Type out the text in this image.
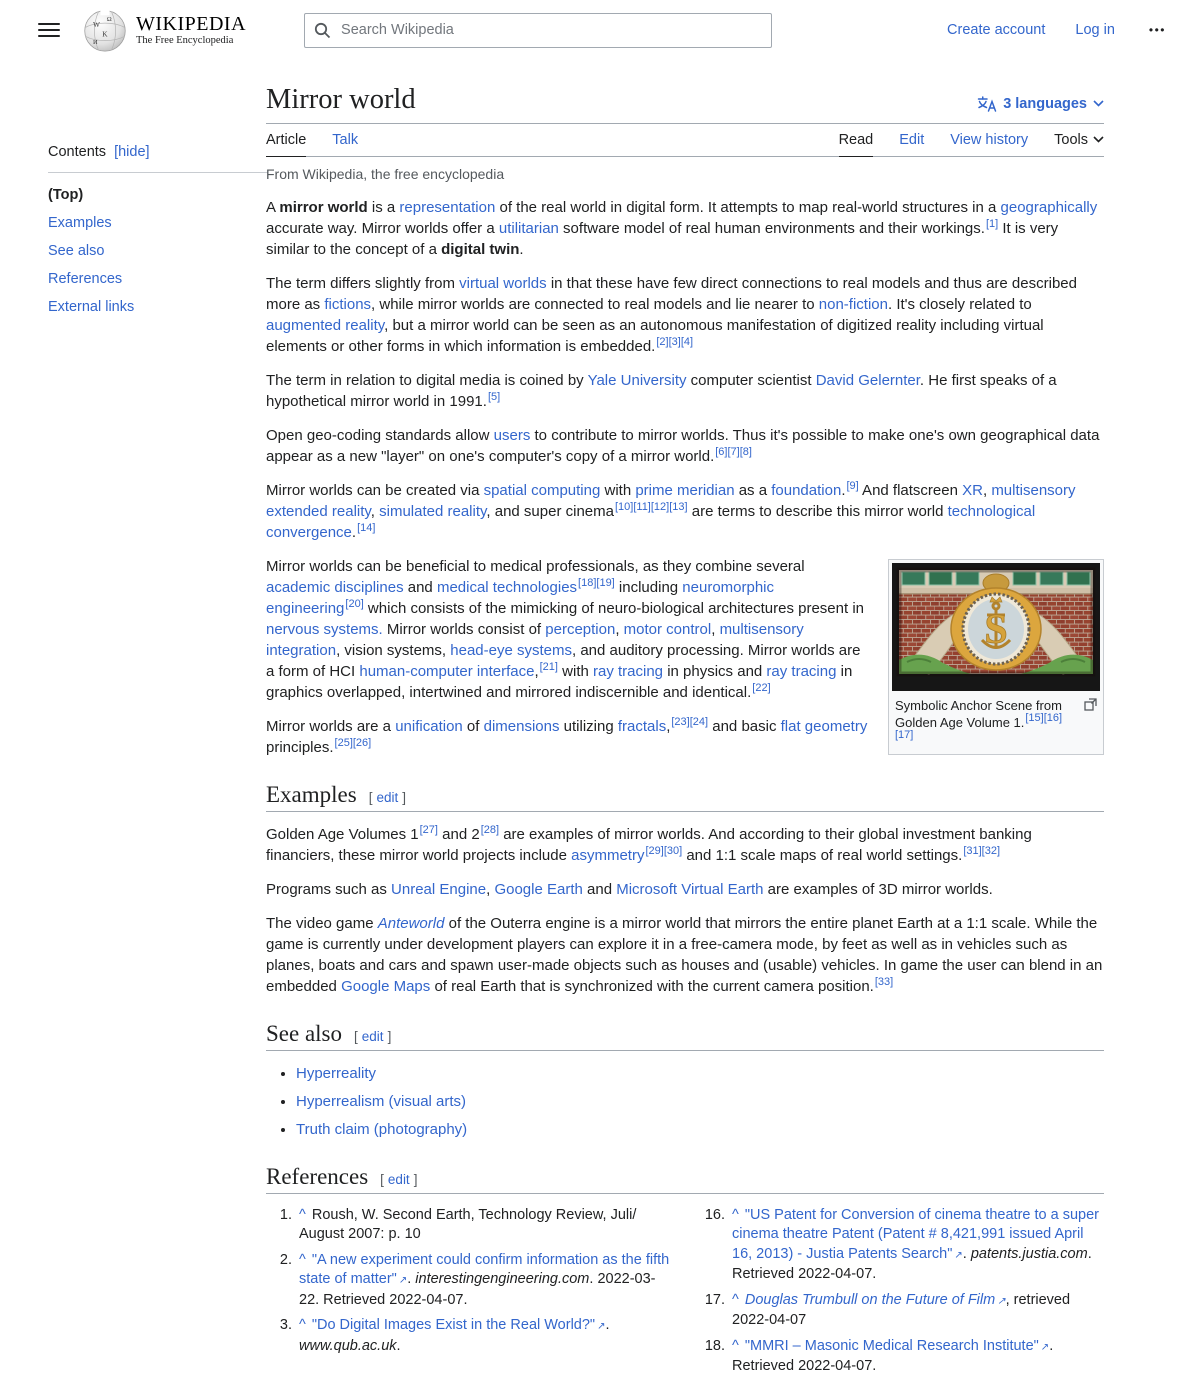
W
Ω
K
И
WIKIPEDIA
The Free Encyclopedia
Search Wikipedia
Create account Log in	•••
Contents [hide]
(Top)
Examples
See also
References
External links
Mirror world	3 languages
Article Talk	Read Edit View history Tools
From Wikipedia, the free encyclopedia

A mirror world is a representation of the real world in digital form. It attempts to map real-world structures in a geographically accurate way. Mirror worlds offer a utilitarian software model of real human environments and their workings.[1] It is very similar to the concept of a digital twin.

The term differs slightly from virtual worlds in that these have few direct connections to real models and thus are described more as fictions, while mirror worlds are connected to real models and lie nearer to non-fiction. It's closely related to augmented reality, but a mirror world can be seen as an autonomous manifestation of digitized reality including virtual elements or other forms in which information is embedded.[2][3][4]

The term in relation to digital media is coined by Yale University computer scientist David Gelernter. He first speaks of a hypothetical mirror world in 1991.[5]

Open geo-coding standards allow users to contribute to mirror worlds. Thus it's possible to make one's own geographical data appear as a new "layer" on one's computer's copy of a mirror world.[6][7][8]

Mirror worlds can be created via spatial computing with prime meridian as a foundation.[9] And flatscreen XR, multisensory extended reality, simulated reality, and super cinema[10][11][12][13] are terms to describe this mirror world technological convergence.[14]

S
Symbolic Anchor Scene from Golden Age Volume 1.[15][16][17]

Mirror worlds can be beneficial to medical professionals, as they combine several academic disciplines and medical technologies[18][19] including neuromorphic engineering[20] which consists of the mimicking of neuro-biological architectures present in nervous systems. Mirror worlds consist of perception, motor control, multisensory integration, vision systems, head-eye systems, and auditory processing. Mirror worlds are a form of HCI human-computer interface,[21] with ray tracing in physics and ray tracing in graphics overlapped, intertwined and mirrored indiscernible and identical.[22]

Mirror worlds are a unification of dimensions utilizing fractals,[23][24] and basic flat geometry principles.[25][26]

Examples [ edit ]

Golden Age Volumes 1[27] and 2[28] are examples of mirror worlds. And according to their global investment banking financiers, these mirror world projects include asymmetry[29][30] and 1:1 scale maps of real world settings.[31][32]

Programs such as Unreal Engine, Google Earth and Microsoft Virtual Earth are examples of 3D mirror worlds.

The video game Anteworld of the Outerra engine is a mirror world that mirrors the entire planet Earth at a 1:1 scale. While the game is currently under development players can explore it in a free-camera mode, by feet as well as in vehicles such as planes, boats and cars and spawn user-made objects such as houses and (usable) vehicles. In game the user can blend in an embedded Google Maps of real Earth that is synchronized with the current camera position.[33]

See also [ edit ]
• Hyperreality
• Hyperrealism (visual arts)
• Truth claim (photography)
References [ edit ]
1. ^ Roush, W. Second Earth, Technology Review, Juli/ August 2007: p. 10
2. ^ "A new experiment could confirm information as the fifth state of matter" ↗. interestingengineering.com. 2022-03-22. Retrieved 2022-04-07.
3. ^ "Do Digital Images Exist in the Real World?" ↗. www.qub.ac.uk.
16. ^ "US Patent for Conversion of cinema theatre to a super cinema theatre Patent (Patent # 8,421,991 issued April 16, 2013) - Justia Patents Search" ↗. patents.justia.com. Retrieved 2022-04-07.
17. ^ Douglas Trumbull on the Future of Film ↗, retrieved 2022-04-07
18. ^ "MMRI – Masonic Medical Research Institute" ↗. Retrieved 2022-04-07.
